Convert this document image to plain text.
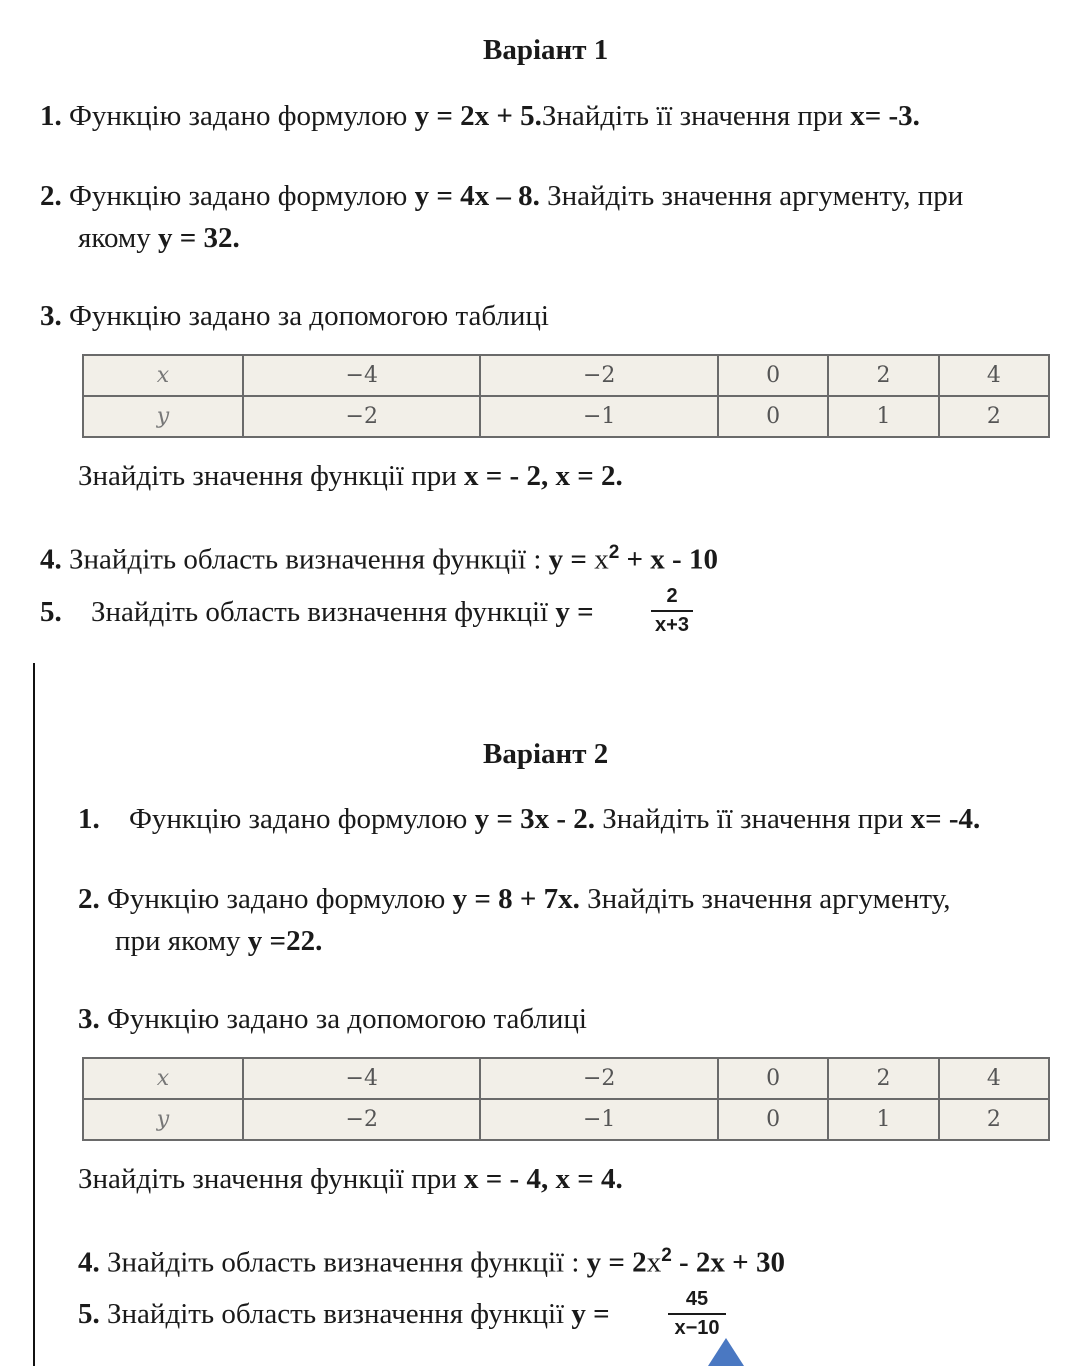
Варіант 1
1. Функцію задано формулою y = 2x + 5.Знайдіть її значення при x= -3.
2. Функцію задано формулою y = 4x – 8. Знайдіть значення аргументу, при
якому y = 32.
3. Функцію задано за допомогою таблиці
x	−4	−2	0	2	4
y	−2	−1	0	1	2
Знайдіть значення функції при x = - 2, x = 2.
4. Знайдіть область визначення функції : $y = x^2 + x - 10$
5. Знайдіть область визначення функції y =	2
x+3
Варіант 2
1. Функцію задано формулою y = 3x - 2. Знайдіть її значення при x= -4.
2. Функцію задано формулою y = 8 + 7x. Знайдіть значення аргументу,
при якому y =22.
3. Функцію задано за допомогою таблиці
x	−4	−2	0	2	4
y	−2	−1	0	1	2
Знайдіть значення функції при x = - 4, x = 4.
4. Знайдіть область визначення функції : $y = 2x^2 - 2x + 30$
5. Знайдіть область визначення функції y =	45
x−10
